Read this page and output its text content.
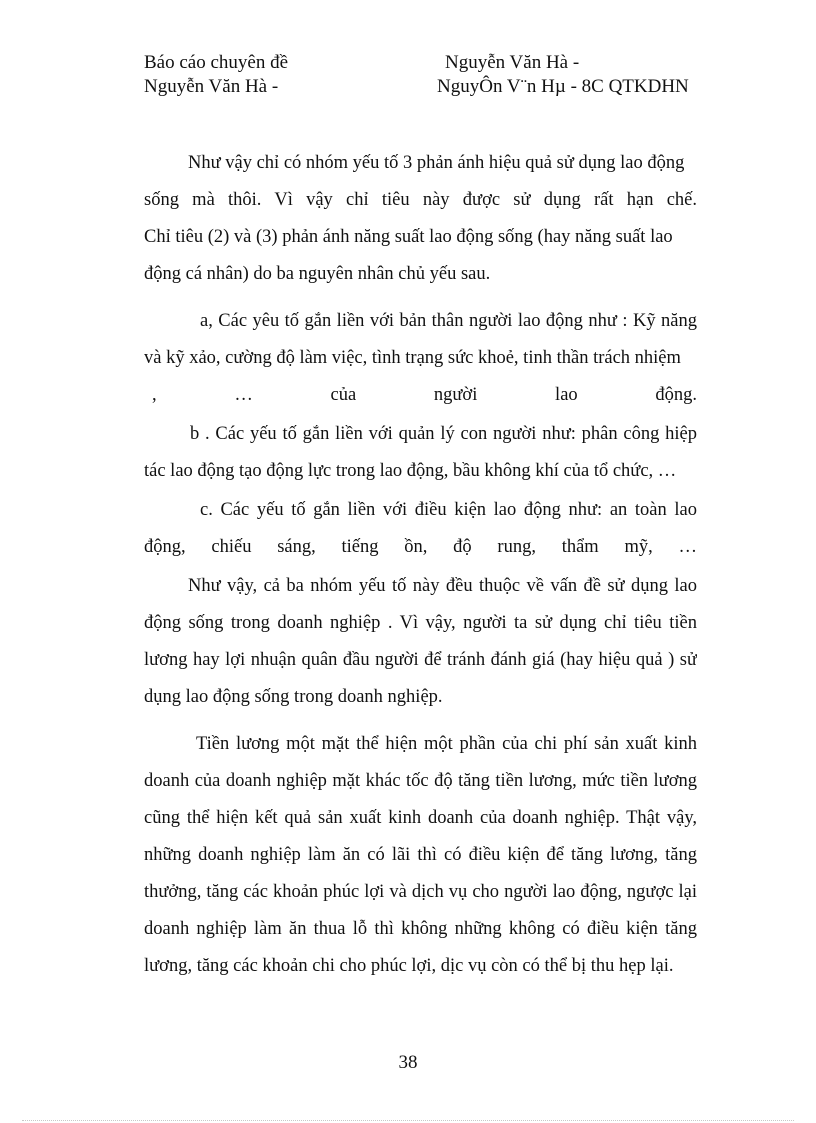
Báo cáo chuyên đề
Nguyễn Văn Hà -
Nguyễn Văn Hà -
NguyÔn V¨n Hµ - 8C QTKDHN
Như vậy chỉ có nhóm yếu tố 3 phản ánh hiệu quả sử dụng lao động
sống mà thôi. Vì vậy chỉ tiêu này được sử dụng rất hạn chế.
Chỉ tiêu (2) và (3) phản ánh năng suất lao động sống (hay năng suất lao
động cá nhân) do ba nguyên nhân chủ yếu sau.
a, Các yêu tố gắn liền với bản thân người lao động như : Kỹ năng
và kỹ xảo, cường độ làm việc, tình trạng sức khoẻ, tinh thần trách nhiệm
, … của người lao động.
b . Các yếu tố gắn liền với quản lý con người như: phân công hiệp
tác lao động tạo động lực trong lao động, bầu không khí của tổ chức, …
c. Các yếu tố gắn liền với điều kiện lao động như: an toàn lao
động, chiếu sáng, tiếng ồn, độ rung, thẩm mỹ, …
Như vậy, cả ba nhóm yếu tố này đều thuộc về vấn đề sử dụng lao
động sống trong doanh nghiệp . Vì vậy, người ta sử dụng chỉ tiêu tiền
lương hay lợi nhuận quân đầu người để tránh đánh giá (hay hiệu quả ) sử
dụng lao động sống trong doanh nghiệp.
Tiền lương một mặt thể hiện một phần của chi phí sản xuất kinh
doanh của doanh nghiệp mặt khác tốc độ tăng tiền lương, mức tiền lương
cũng thể hiện kết quả sản xuất kinh doanh của doanh nghiệp. Thật vậy,
những doanh nghiệp làm ăn có lãi thì có điều kiện để tăng lương, tăng
thưởng, tăng các khoản phúc lợi và dịch vụ cho người lao động, ngược lại
doanh nghiệp làm ăn thua lỗ thì không những không có điều kiện tăng
lương, tăng các khoản chi cho phúc lợi, dịc vụ còn có thể bị thu hẹp lại.
38
